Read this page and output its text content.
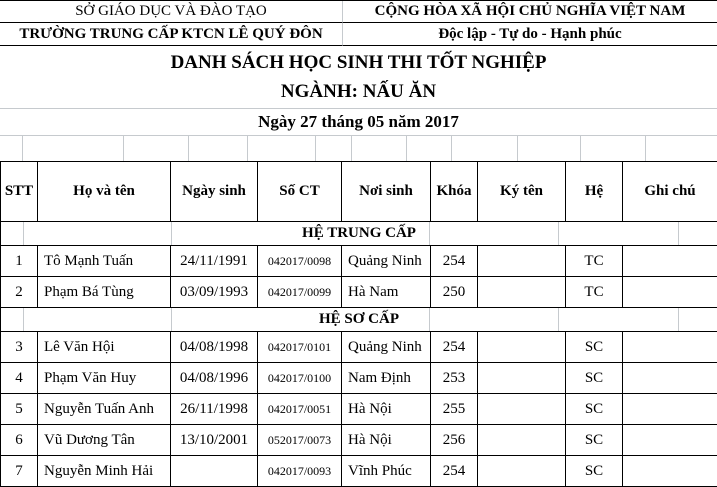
SỞ GIÁO DỤC VÀ ĐÀO TẠO	CỘNG HÒA XÃ HỘI CHỦ NGHĨA VIỆT NAM
TRƯỜNG TRUNG CẤP KTCN LÊ QUÝ ĐÔN	Độc lập - Tự do - Hạnh phúc
DANH SÁCH HỌC SINH THI TỐT NGHIỆP
NGÀNH: NẤU ĂN
Ngày 27 tháng 05 năm 2017
STT	Họ và tên	Ngày sinh	Số CT	Nơi sinh	Khóa	Ký tên	Hệ	Ghi chú
HỆ TRUNG CẤP								

1	Tô Mạnh Tuấn	24/11/1991	042017/0098	Quảng Ninh	254		TC	
2	Phạm Bá Tùng	03/09/1993	042017/0099	Hà Nam	250		TC	
HỆ SƠ CẤP								

3	Lê Văn Hội	04/08/1998	042017/0101	Quảng Ninh	254		SC	
4	Phạm Văn Huy	04/08/1996	042017/0100	Nam Định	253		SC	
5	Nguyễn Tuấn Anh	26/11/1998	042017/0051	Hà Nội	255		SC	
6	Vũ Dương Tân	13/10/2001	052017/0073	Hà Nội	256		SC	
7	Nguyễn Minh Hải		042017/0093	Vĩnh Phúc	254		SC	
